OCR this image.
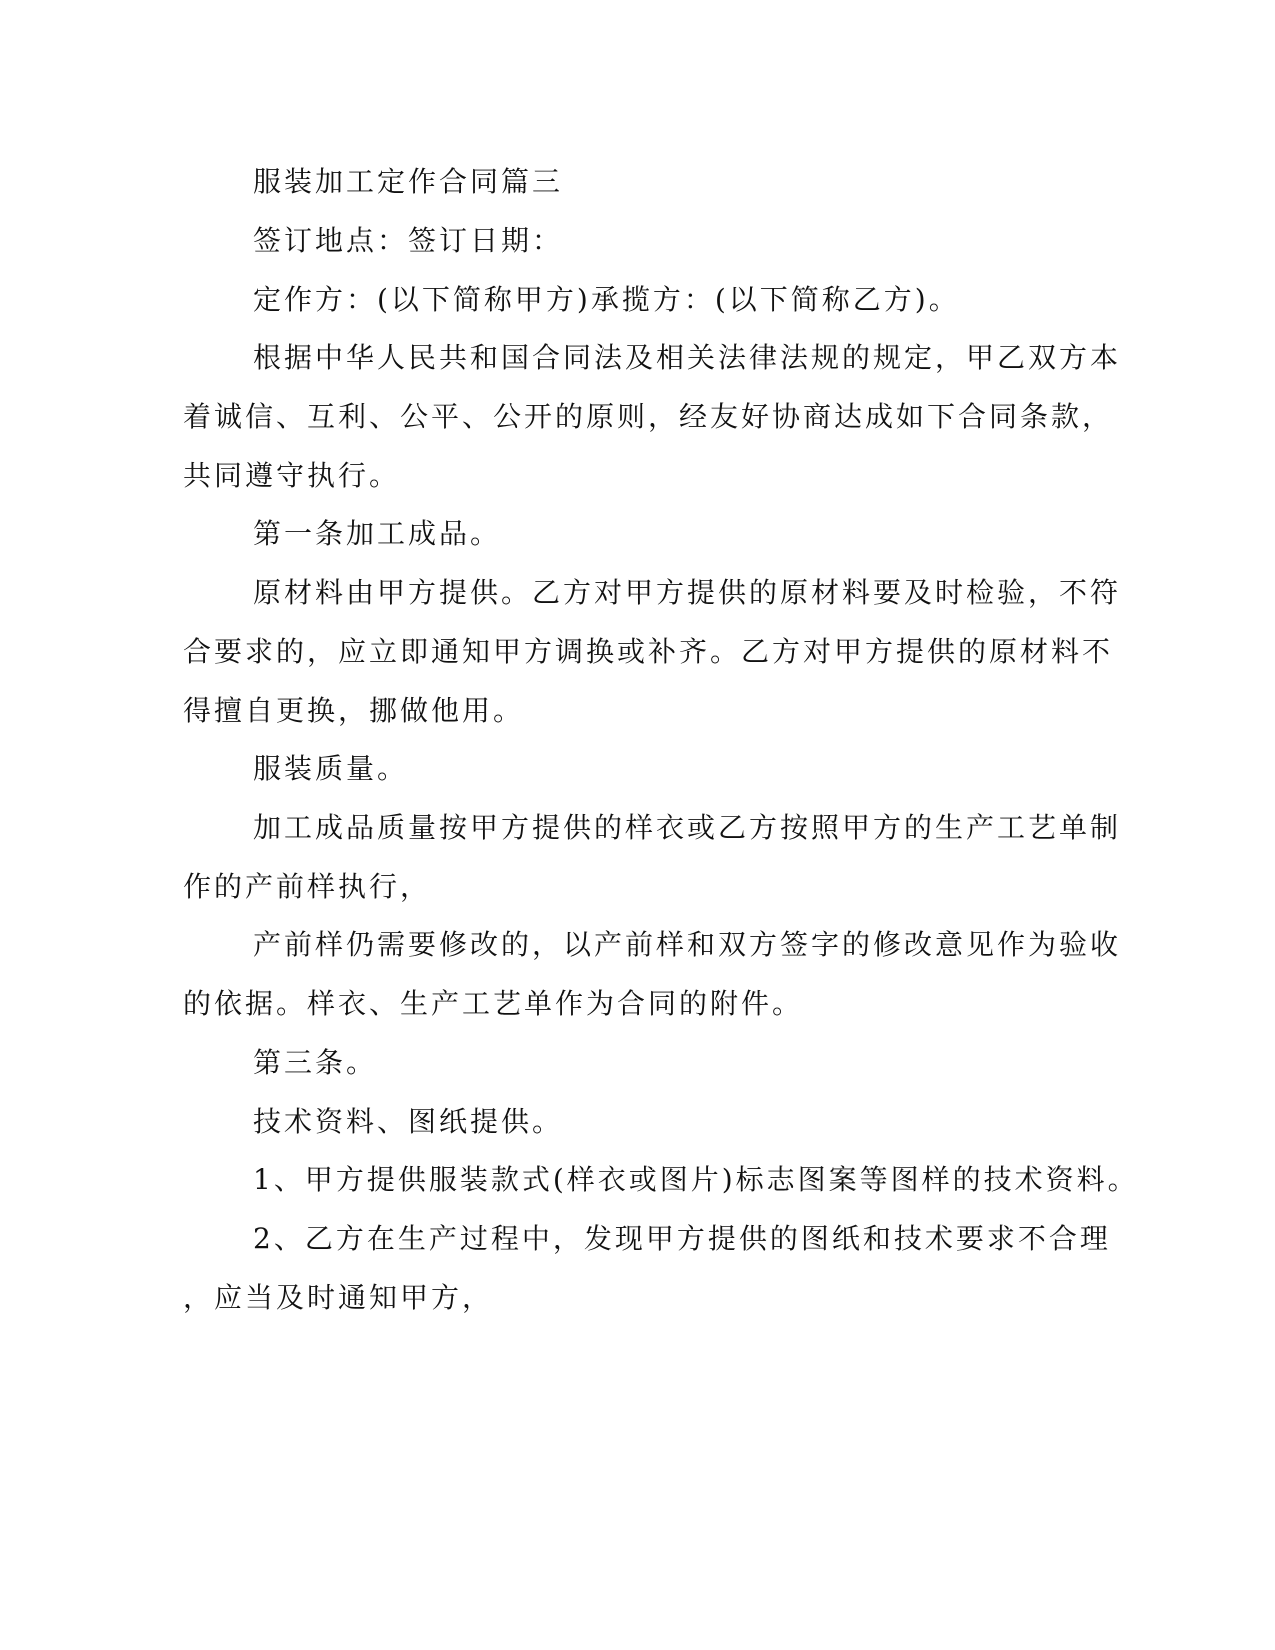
服装加工定作合同篇三
签订地点：签订日期：
定作方：(以下简称甲方)承揽方：(以下简称乙方)。
根据中华人民共和国合同法及相关法律法规的规定，甲乙双方本
着诚信、互利、公平、公开的原则，经友好协商达成如下合同条款，
共同遵守执行。
第一条加工成品。
原材料由甲方提供。乙方对甲方提供的原材料要及时检验，不符
合要求的，应立即通知甲方调换或补齐。乙方对甲方提供的原材料不
得擅自更换，挪做他用。
服装质量。
加工成品质量按甲方提供的样衣或乙方按照甲方的生产工艺单制
作的产前样执行，
产前样仍需要修改的，以产前样和双方签字的修改意见作为验收
的依据。样衣、生产工艺单作为合同的附件。
第三条。
技术资料、图纸提供。
1、甲方提供服装款式(样衣或图片)标志图案等图样的技术资料。
2、乙方在生产过程中，发现甲方提供的图纸和技术要求不合理
，应当及时通知甲方，
